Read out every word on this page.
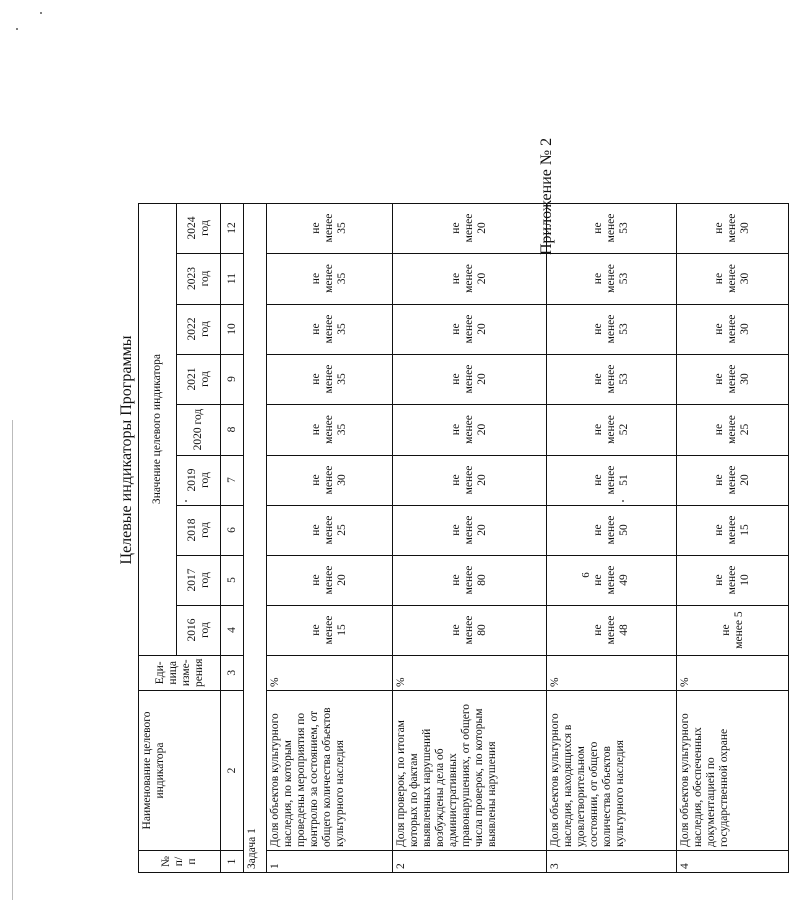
Приложение № 2
Целевые индикаторы Программы
№
п/п	Наименование целевого индикатора	Еди-
ница
изме-
рения	Значение целевого индикатора								
			2016
год	2017
год	2018
год	2019
год	2020 год	2021
год	2022
год	2023
год	2024
год
1	2	3	4	5	6	7	8	9	10	11	12
Задача 1											
1	Доля объектов культурного наследия, по которым проведены мероприятия по контролю за состоянием, от общего количества объектов культурного наследия	%	не
менее
15	не
менее
20	не
менее
25	не
менее
30	не
менее
35	не
менее
35	не
менее
35	не
менее
35	не
менее
35
2	Доля проверок, по итогам которых по фактам выявленных нарушений возбуждены дела об административных правонарушениях, от общего числа проверок, по которым выявлены нарушения	%	не
менее
80	не
менее
80	не
менее
20	не
менее
20	не
менее
20	не
менее
20	не
менее
20	не
менее
20	не
менее
20
3	Доля объектов культурного наследия, находящихся в удовлетворительном состоянии, от общего количества объектов культурного наследия	%	не
менее
48	не
менее
49	не
менее
50	не
менее
51	не
менее
52	не
менее
53	не
менее
53	не
менее
53	не
менее
53
4	Доля объектов культурного наследия, обеспеченных документацией по государственной охране	%	не
менее 5	не
менее
10	не
менее
15	не
менее
20	не
менее
25	не
менее
30	не
менее
30	не
менее
30	не
менее
30
6
